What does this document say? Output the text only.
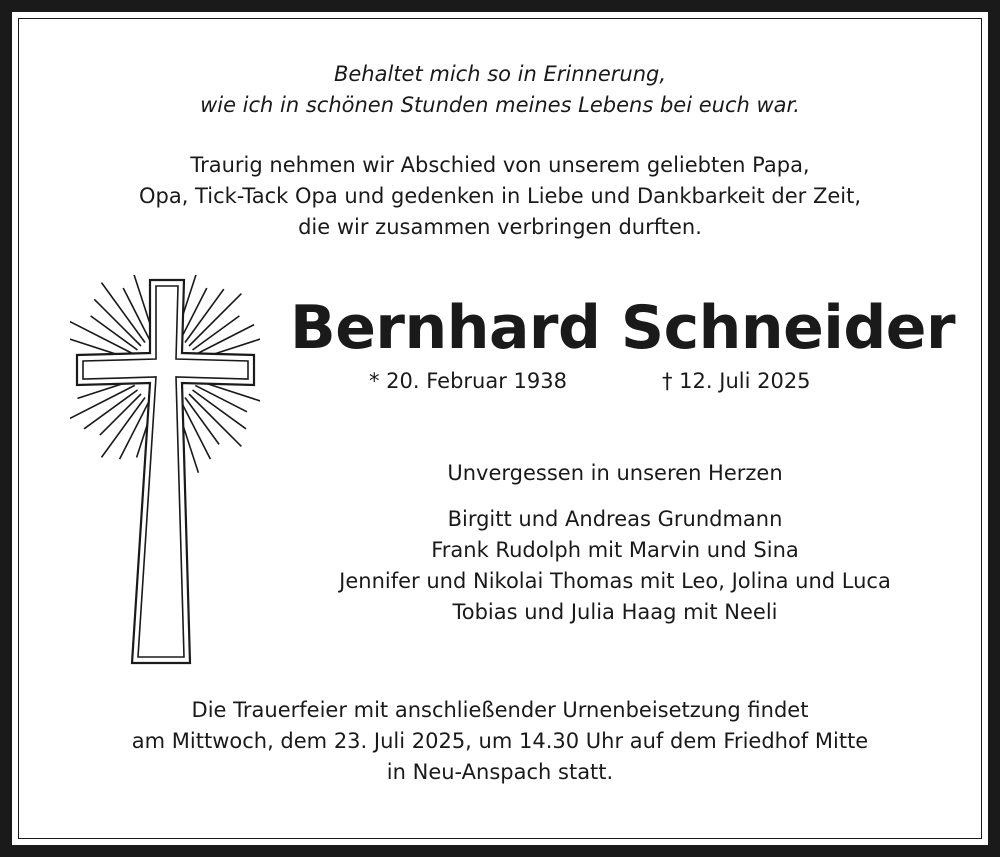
Behaltet mich so in Erinnerung,
wie ich in schönen Stunden meines Lebens bei euch war.
Traurig nehmen wir Abschied von unserem geliebten Papa,
Opa, Tick-Tack Opa und gedenken in Liebe und Dankbarkeit der Zeit,
die wir zusammen verbringen durften.
Bernhard Schneider
* 20. Februar 1938	† 12. Juli 2025
Unvergessen in unseren Herzen
Birgitt und Andreas Grundmann
Frank Rudolph mit Marvin und Sina
Jennifer und Nikolai Thomas mit Leo, Jolina und Luca
Tobias und Julia Haag mit Neeli
Die Trauerfeier mit anschließender Urnenbeisetzung findet
am Mittwoch, dem 23. Juli 2025, um 14.30 Uhr auf dem Friedhof Mitte
in Neu-Anspach statt.
